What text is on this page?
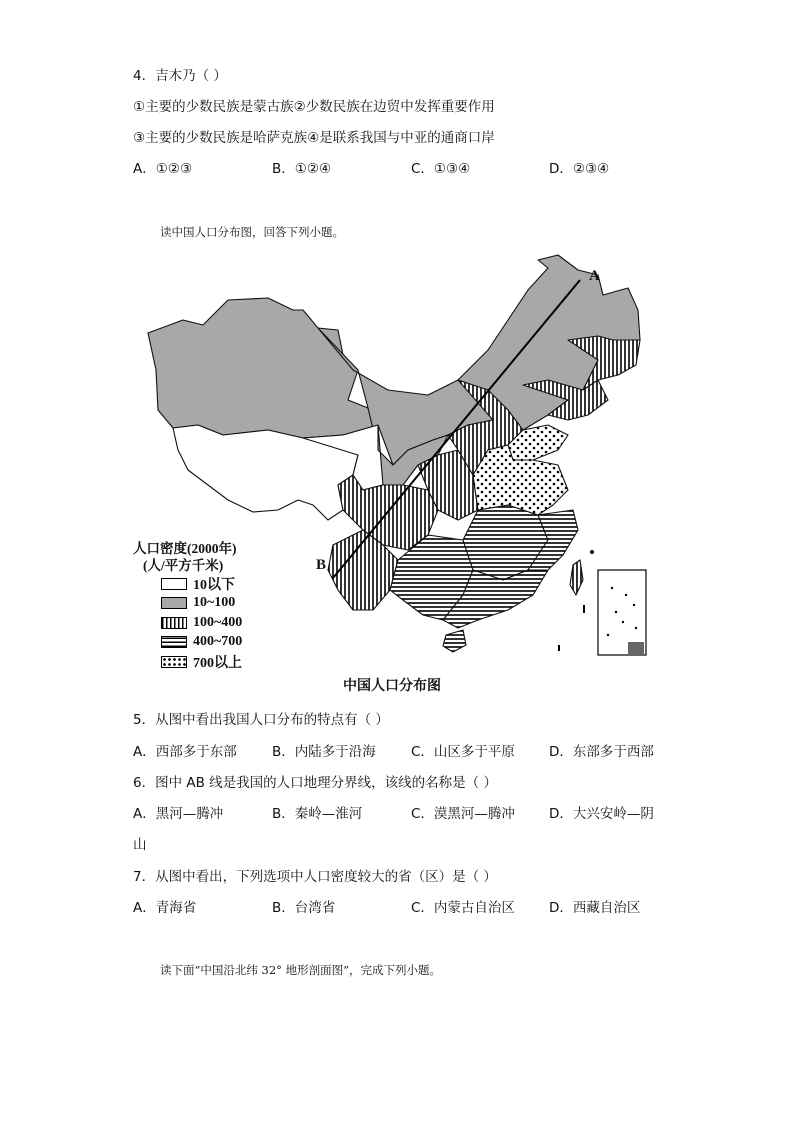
4．吉木乃（ ）
①主要的少数民族是蒙古族②少数民族在边贸中发挥重要作用
③主要的少数民族是哈萨克族④是联系我国与中亚的通商口岸
A．①②③	B．①②④	C．①③④	D．②③④
读中国人口分布图，回答下列小题。
A
B
人口密度(2000年)
(人/平方千米)
10以下
10~100
100~400
400~700
700以上
中国人口分布图
5．从图中看出我国人口分布的特点有（ ）
A．西部多于东部	B．内陆多于沿海	C．山区多于平原	D．东部多于西部
6．图中 AB 线是我国的人口地理分界线，该线的名称是（ ）
A．黑河—腾冲	B．秦岭—淮河	C．漠黑河—腾冲	D．大兴安岭—阴
山
7．从图中看出，下列选项中人口密度较大的省（区）是（ ）
A．青海省	B．台湾省	C．内蒙古自治区	D．西藏自治区
读下面“中国沿北纬 32° 地形剖面图”，完成下列小题。
